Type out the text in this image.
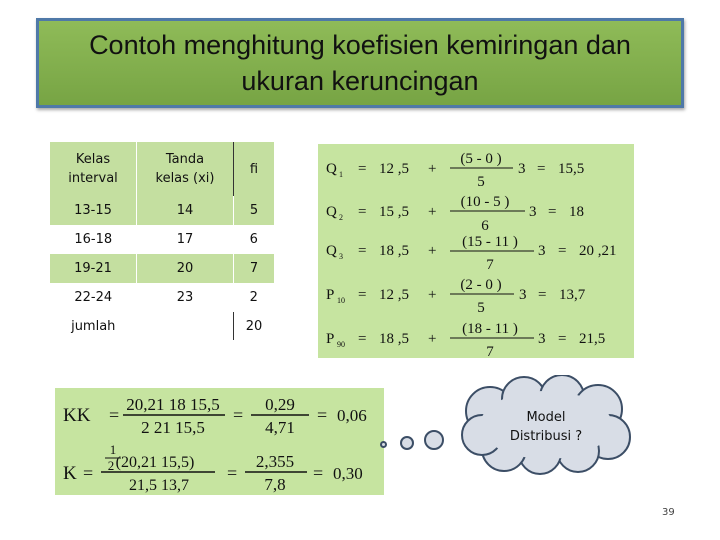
Contoh menghitung koefisien kemiringan dan
ukuran keruncingan
Kelas
interval	Tanda
kelas (xi)	fi
13-15	14	5
16-18	17	6
19-21	20	7
22-24	23	2
jumlah		20
Q 1 = 12 ,5 +
(5 - 0 )
5
3 = 15,5
Q 2 = 15 ,5 +
(10 - 5 )
6
3 = 18
Q 3 = 18 ,5 +
(15 - 11 )
7
3 = 20 ,21
P 10 = 12 ,5 +
(2 - 0 )
5
3 = 13,7
P 90 = 18 ,5 +
(18 - 11 )
7
3 = 21,5
KK =
20,21 18 15,5
2 21 15,5
=
0,29
4,71
= 0,06
K =
1
(20,21 15,5)
2
21,5 13,7
=
2,355
7,8
= 0,30
Model
Distribusi ?
39
